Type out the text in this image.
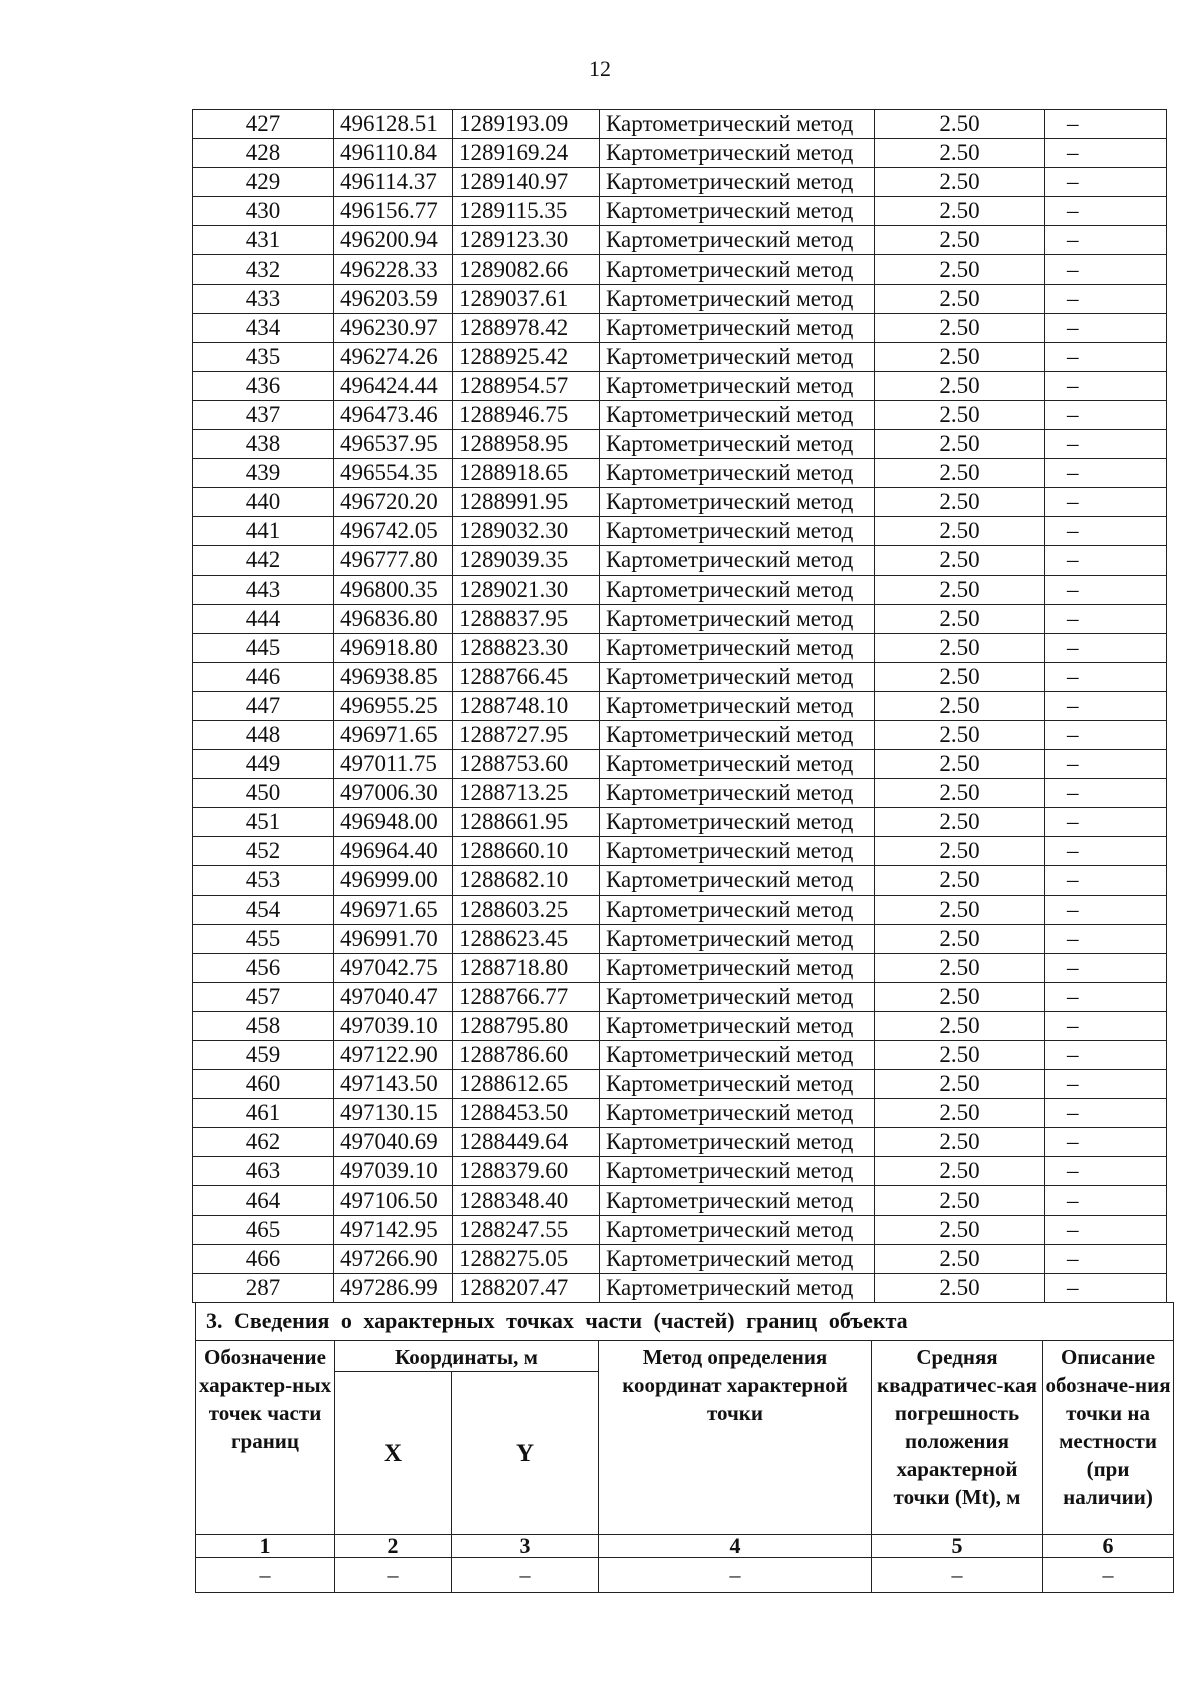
12
427	496128.51	1289193.09	Картометрический метод	2.50	–
428	496110.84	1289169.24	Картометрический метод	2.50	–
429	496114.37	1289140.97	Картометрический метод	2.50	–
430	496156.77	1289115.35	Картометрический метод	2.50	–
431	496200.94	1289123.30	Картометрический метод	2.50	–
432	496228.33	1289082.66	Картометрический метод	2.50	–
433	496203.59	1289037.61	Картометрический метод	2.50	–
434	496230.97	1288978.42	Картометрический метод	2.50	–
435	496274.26	1288925.42	Картометрический метод	2.50	–
436	496424.44	1288954.57	Картометрический метод	2.50	–
437	496473.46	1288946.75	Картометрический метод	2.50	–
438	496537.95	1288958.95	Картометрический метод	2.50	–
439	496554.35	1288918.65	Картометрический метод	2.50	–
440	496720.20	1288991.95	Картометрический метод	2.50	–
441	496742.05	1289032.30	Картометрический метод	2.50	–
442	496777.80	1289039.35	Картометрический метод	2.50	–
443	496800.35	1289021.30	Картометрический метод	2.50	–
444	496836.80	1288837.95	Картометрический метод	2.50	–
445	496918.80	1288823.30	Картометрический метод	2.50	–
446	496938.85	1288766.45	Картометрический метод	2.50	–
447	496955.25	1288748.10	Картометрический метод	2.50	–
448	496971.65	1288727.95	Картометрический метод	2.50	–
449	497011.75	1288753.60	Картометрический метод	2.50	–
450	497006.30	1288713.25	Картометрический метод	2.50	–
451	496948.00	1288661.95	Картометрический метод	2.50	–
452	496964.40	1288660.10	Картометрический метод	2.50	–
453	496999.00	1288682.10	Картометрический метод	2.50	–
454	496971.65	1288603.25	Картометрический метод	2.50	–
455	496991.70	1288623.45	Картометрический метод	2.50	–
456	497042.75	1288718.80	Картометрический метод	2.50	–
457	497040.47	1288766.77	Картометрический метод	2.50	–
458	497039.10	1288795.80	Картометрический метод	2.50	–
459	497122.90	1288786.60	Картометрический метод	2.50	–
460	497143.50	1288612.65	Картометрический метод	2.50	–
461	497130.15	1288453.50	Картометрический метод	2.50	–
462	497040.69	1288449.64	Картометрический метод	2.50	–
463	497039.10	1288379.60	Картометрический метод	2.50	–
464	497106.50	1288348.40	Картометрический метод	2.50	–
465	497142.95	1288247.55	Картометрический метод	2.50	–
466	497266.90	1288275.05	Картометрический метод	2.50	–
287	497286.99	1288207.47	Картометрический метод	2.50	–
3. Сведения о характерных точках части (частей) границ объекта					
Обозначение характер-ных точек части границ	Координаты, м		Метод определения координат характерной точки	Средняя квадратичес-кая погрешность положения характерной точки (Mt), м	Описание обозначе-ния точки на местности (при наличии)
	X	Y			
1	2	3	4	5	6
–	–	–	–	–	–
